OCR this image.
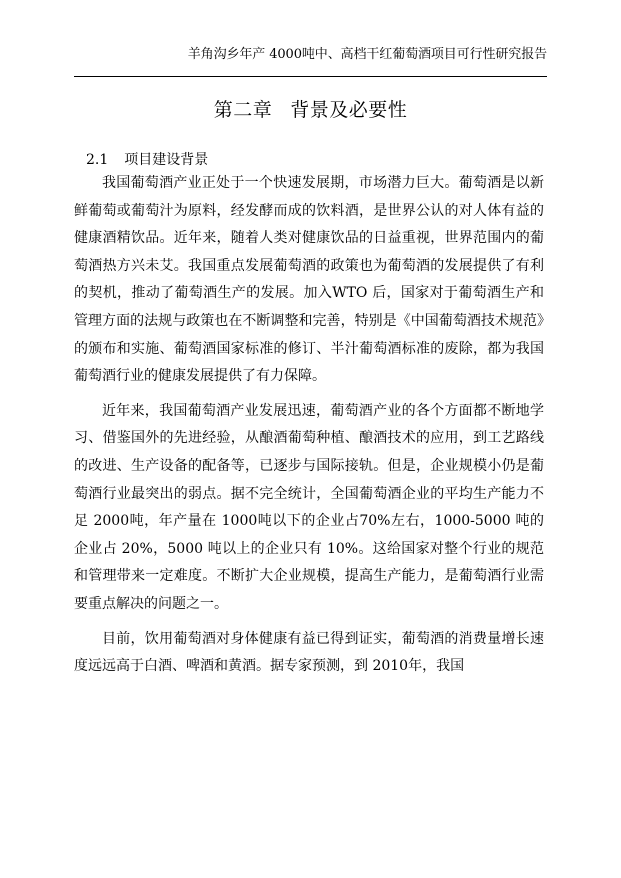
羊角沟乡年产 4000吨中、高档干红葡萄酒项目可行性研究报告
第二章 背景及必要性
2.1 项目建设背景

我国葡萄酒产业正处于一个快速发展期，市场潜力巨大。葡萄酒是以新鲜葡萄或葡萄汁为原料，经发酵而成的饮料酒，是世界公认的对人体有益的健康酒精饮品。近年来，随着人类对健康饮品的日益重视，世界范围内的葡萄酒热方兴未艾。我国重点发展葡萄酒的政策也为葡萄酒的发展提供了有利的契机，推动了葡萄酒生产的发展。加入WTO 后，国家对于葡萄酒生产和管理方面的法规与政策也在不断调整和完善，特别是《中国葡萄酒技术规范》的颁布和实施、葡萄酒国家标准的修订、半汁葡萄酒标准的废除，都为我国葡萄酒行业的健康发展提供了有力保障。

近年来，我国葡萄酒产业发展迅速，葡萄酒产业的各个方面都不断地学习、借鉴国外的先进经验，从酿酒葡萄种植、酿酒技术的应用，到工艺路线的改进、生产设备的配备等，已逐步与国际接轨。但是，企业规模小仍是葡萄酒行业最突出的弱点。据不完全统计，全国葡萄酒企业的平均生产能力不足 2000吨，年产量在 1000吨以下的企业占70%左右，1000-5000 吨的企业占 20%，5000 吨以上的企业只有 10%。这给国家对整个行业的规范和管理带来一定难度。不断扩大企业规模，提高生产能力，是葡萄酒行业需要重点解决的问题之一。

目前，饮用葡萄酒对身体健康有益已得到证实，葡萄酒的消费量增长速度远远高于白酒、啤酒和黄酒。据专家预测，到 2010年，我国
